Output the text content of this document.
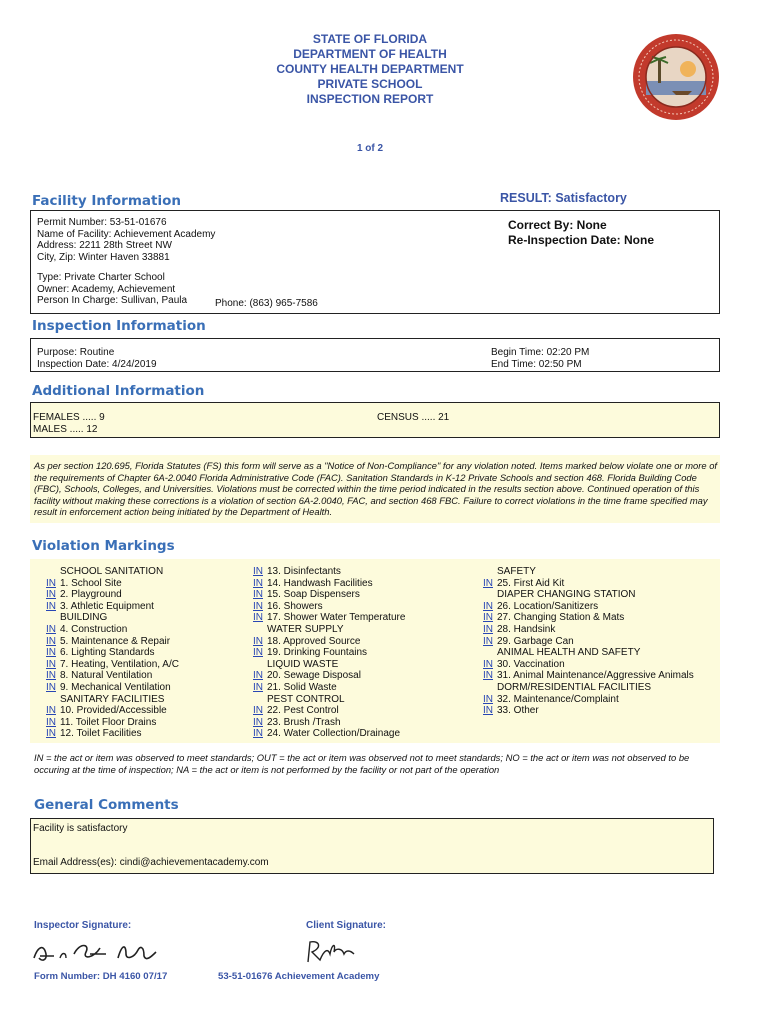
STATE OF FLORIDA
DEPARTMENT OF HEALTH
COUNTY HEALTH DEPARTMENT
PRIVATE SCHOOL
INSPECTION REPORT
1 of 2
Facility Information	RESULT: Satisfactory
Permit Number: 53-51-01676
Name of Facility: Achievement Academy
Address: 2211 28th Street NW
City, Zip: Winter Haven 33881
Type: Private Charter School
Owner: Academy, Achievement
Person In Charge: Sullivan, Paula	Phone: (863) 965-7586
Correct By: None
Re-Inspection Date: None
Inspection Information
Purpose: Routine
Inspection Date: 4/24/2019
Begin Time: 02:20 PM
End Time: 02:50 PM
Additional Information
FEMALES ..... 9
MALES ..... 12
CENSUS ..... 21
As per section 120.695, Florida Statutes (FS) this form will serve as a "Notice of Non-Compliance" for any violation noted. Items marked below violate one or more of the requirements of Chapter 6A-2.0040 Florida Administrative Code (FAC). Sanitation Standards in K-12 Private Schools and section 468. Florida Building Code (FBC), Schools, Colleges, and Universities. Violations must be corrected within the time period indicated in the results section above. Continued operation of this facility without making these corrections is a violation of section 6A-2.0040, FAC, and section 468 FBC. Failure to correct violations in the time frame specified may result in enforcement action being initiated by the Department of Health.
Violation Markings
SCHOOL SANITATION
IN 1. School Site
IN 2. Playground
IN 3. Athletic Equipment
BUILDING
IN 4. Construction
IN 5. Maintenance & Repair
IN 6. Lighting Standards
IN 7. Heating, Ventilation, A/C
IN 8. Natural Ventilation
IN 9. Mechanical Ventilation
SANITARY FACILITIES
IN 10. Provided/Accessible
IN 11. Toilet Floor Drains
IN 12. Toilet Facilities
IN 13. Disinfectants
IN 14. Handwash Facilities
IN 15. Soap Dispensers
IN 16. Showers
IN 17. Shower Water Temperature
WATER SUPPLY
IN 18. Approved Source
IN 19. Drinking Fountains
LIQUID WASTE
IN 20. Sewage Disposal
IN 21. Solid Waste
PEST CONTROL
IN 22. Pest Control
IN 23. Brush /Trash
IN 24. Water Collection/Drainage
SAFETY
IN 25. First Aid Kit
DIAPER CHANGING STATION
IN 26. Location/Sanitizers
IN 27. Changing Station & Mats
IN 28. Handsink
IN 29. Garbage Can
ANIMAL HEALTH AND SAFETY
IN 30. Vaccination
IN 31. Animal Maintenance/Aggressive Animals
DORM/RESIDENTIAL FACILITIES
IN 32. Maintenance/Complaint
IN 33. Other
IN = the act or item was observed to meet standards; OUT = the act or item was observed not to meet standards; NO = the act or item was not observed to be occuring at the time of inspection; NA = the act or item is not performed by the facility or not part of the operation
General Comments
Facility is satisfactory
Email Address(es): cindi@achievementacademy.com
Inspector Signature:	Client Signature:
Form Number: DH 4160 07/17	53-51-01676 Achievement Academy
